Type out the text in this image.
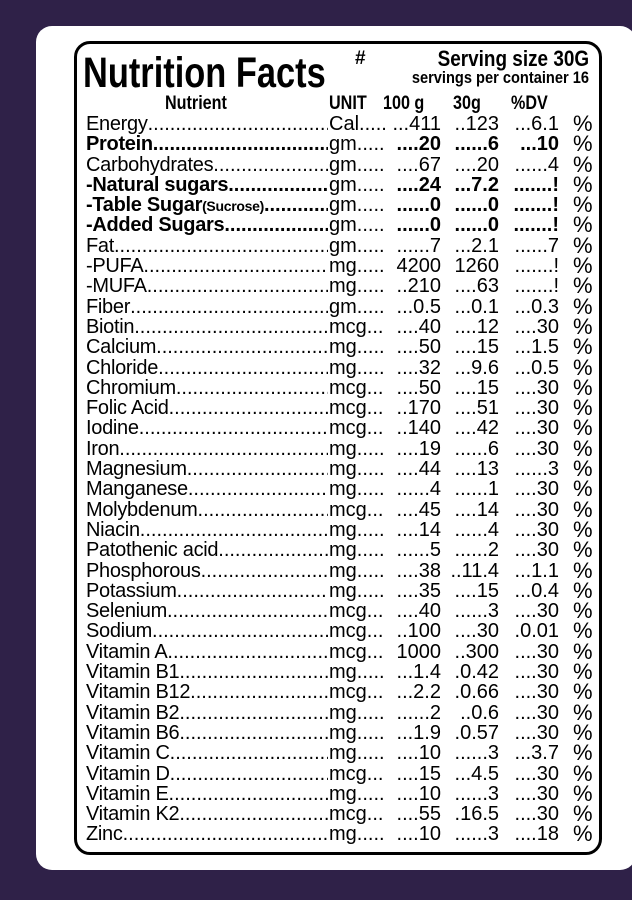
Nutrition Facts #	Serving size 30G
servings per container 16
Nutrient	UNIT 100 g 30g %DV
Energy .....	Cal. ......	...411 ..123 ...6.1 %
Protein .....	gm.. ......	....20 ......6	...10 %
Carbohydrates .....	gm.. ......	....67 ....20 ......4 %
-Natural sugars .....	gm.. ......	....24 ...7.2 .......! %
-Table Sugar(Sucrose) .....	gm.. ......	......0 ......0 .......! %
-Added Sugars .....	gm.. ......	......0 ......0 .......! %
Fat .....	gm.. ......	......7 ...2.1 ......7 %
-PUFA .....	mg.. ......	4200 1260 .......! %
-MUFA .....	mg.. ......	..210 ....63 .......! %
Fiber .....	gm.. ......	...0.5 ...0.1 ...0.3 %
Biotin .....	mcg ......	....40 ....12 ....30 %
Calcium .....	mg.. ......	....50 ....15 ...1.5 %
Chloride .....	mg.. ......	....32 ...9.6 ...0.5 %
Chromium .....	mcg ......	....50 ....15 ....30 %
Folic Acid .....	mcg ......	..170 ....51 ....30 %
Iodine .....	mcg ......	..140 ....42 ....30 %
Iron .....	mg.. ......	....19 ......6 ....30 %
Magnesium .....	mg.. ......	....44 ....13 ......3 %
Manganese .....	mg.. ......	......4 ......1 ....30 %
Molybdenum .....	mcg ......	....45 ....14 ....30 %
Niacin .....	mg.. ......	....14 ......4 ....30 %
Patothenic acid .....	mg.. ......	......5 ......2 ....30 %
Phosphorous .....	mg.. ......	....38 ..11.4 ...1.1 %
Potassium .....	mg.. ......	....35 ....15 ...0.4 %
Selenium .....	mcg ......	....40 ......3 ....30 %
Sodium .....	mcg ......	..100 ....30 .0.01 %
Vitamin A .....	mcg ......	1000 ..300 ....30 %
Vitamin B1 .....	mg.. ......	...1.4 .0.42 ....30 %
Vitamin B12 .....	mcg ......	...2.2 .0.66 ....30 %
Vitamin B2 .....	mg.. ......	......2 ..0.6 ....30 %
Vitamin B6 .....	mg.. ......	...1.9 .0.57 ....30 %
Vitamin C .....	mg.. ......	....10 ......3 ...3.7 %
Vitamin D .....	mcg ......	....15 ...4.5 ....30 %
Vitamin E .....	mg.. ......	....10 ......3 ....30 %
Vitamin K2 .....	mcg ......	....55 .16.5 ....30 %
Zinc .....	mg.. ......	....10 ......3 ....18 %
